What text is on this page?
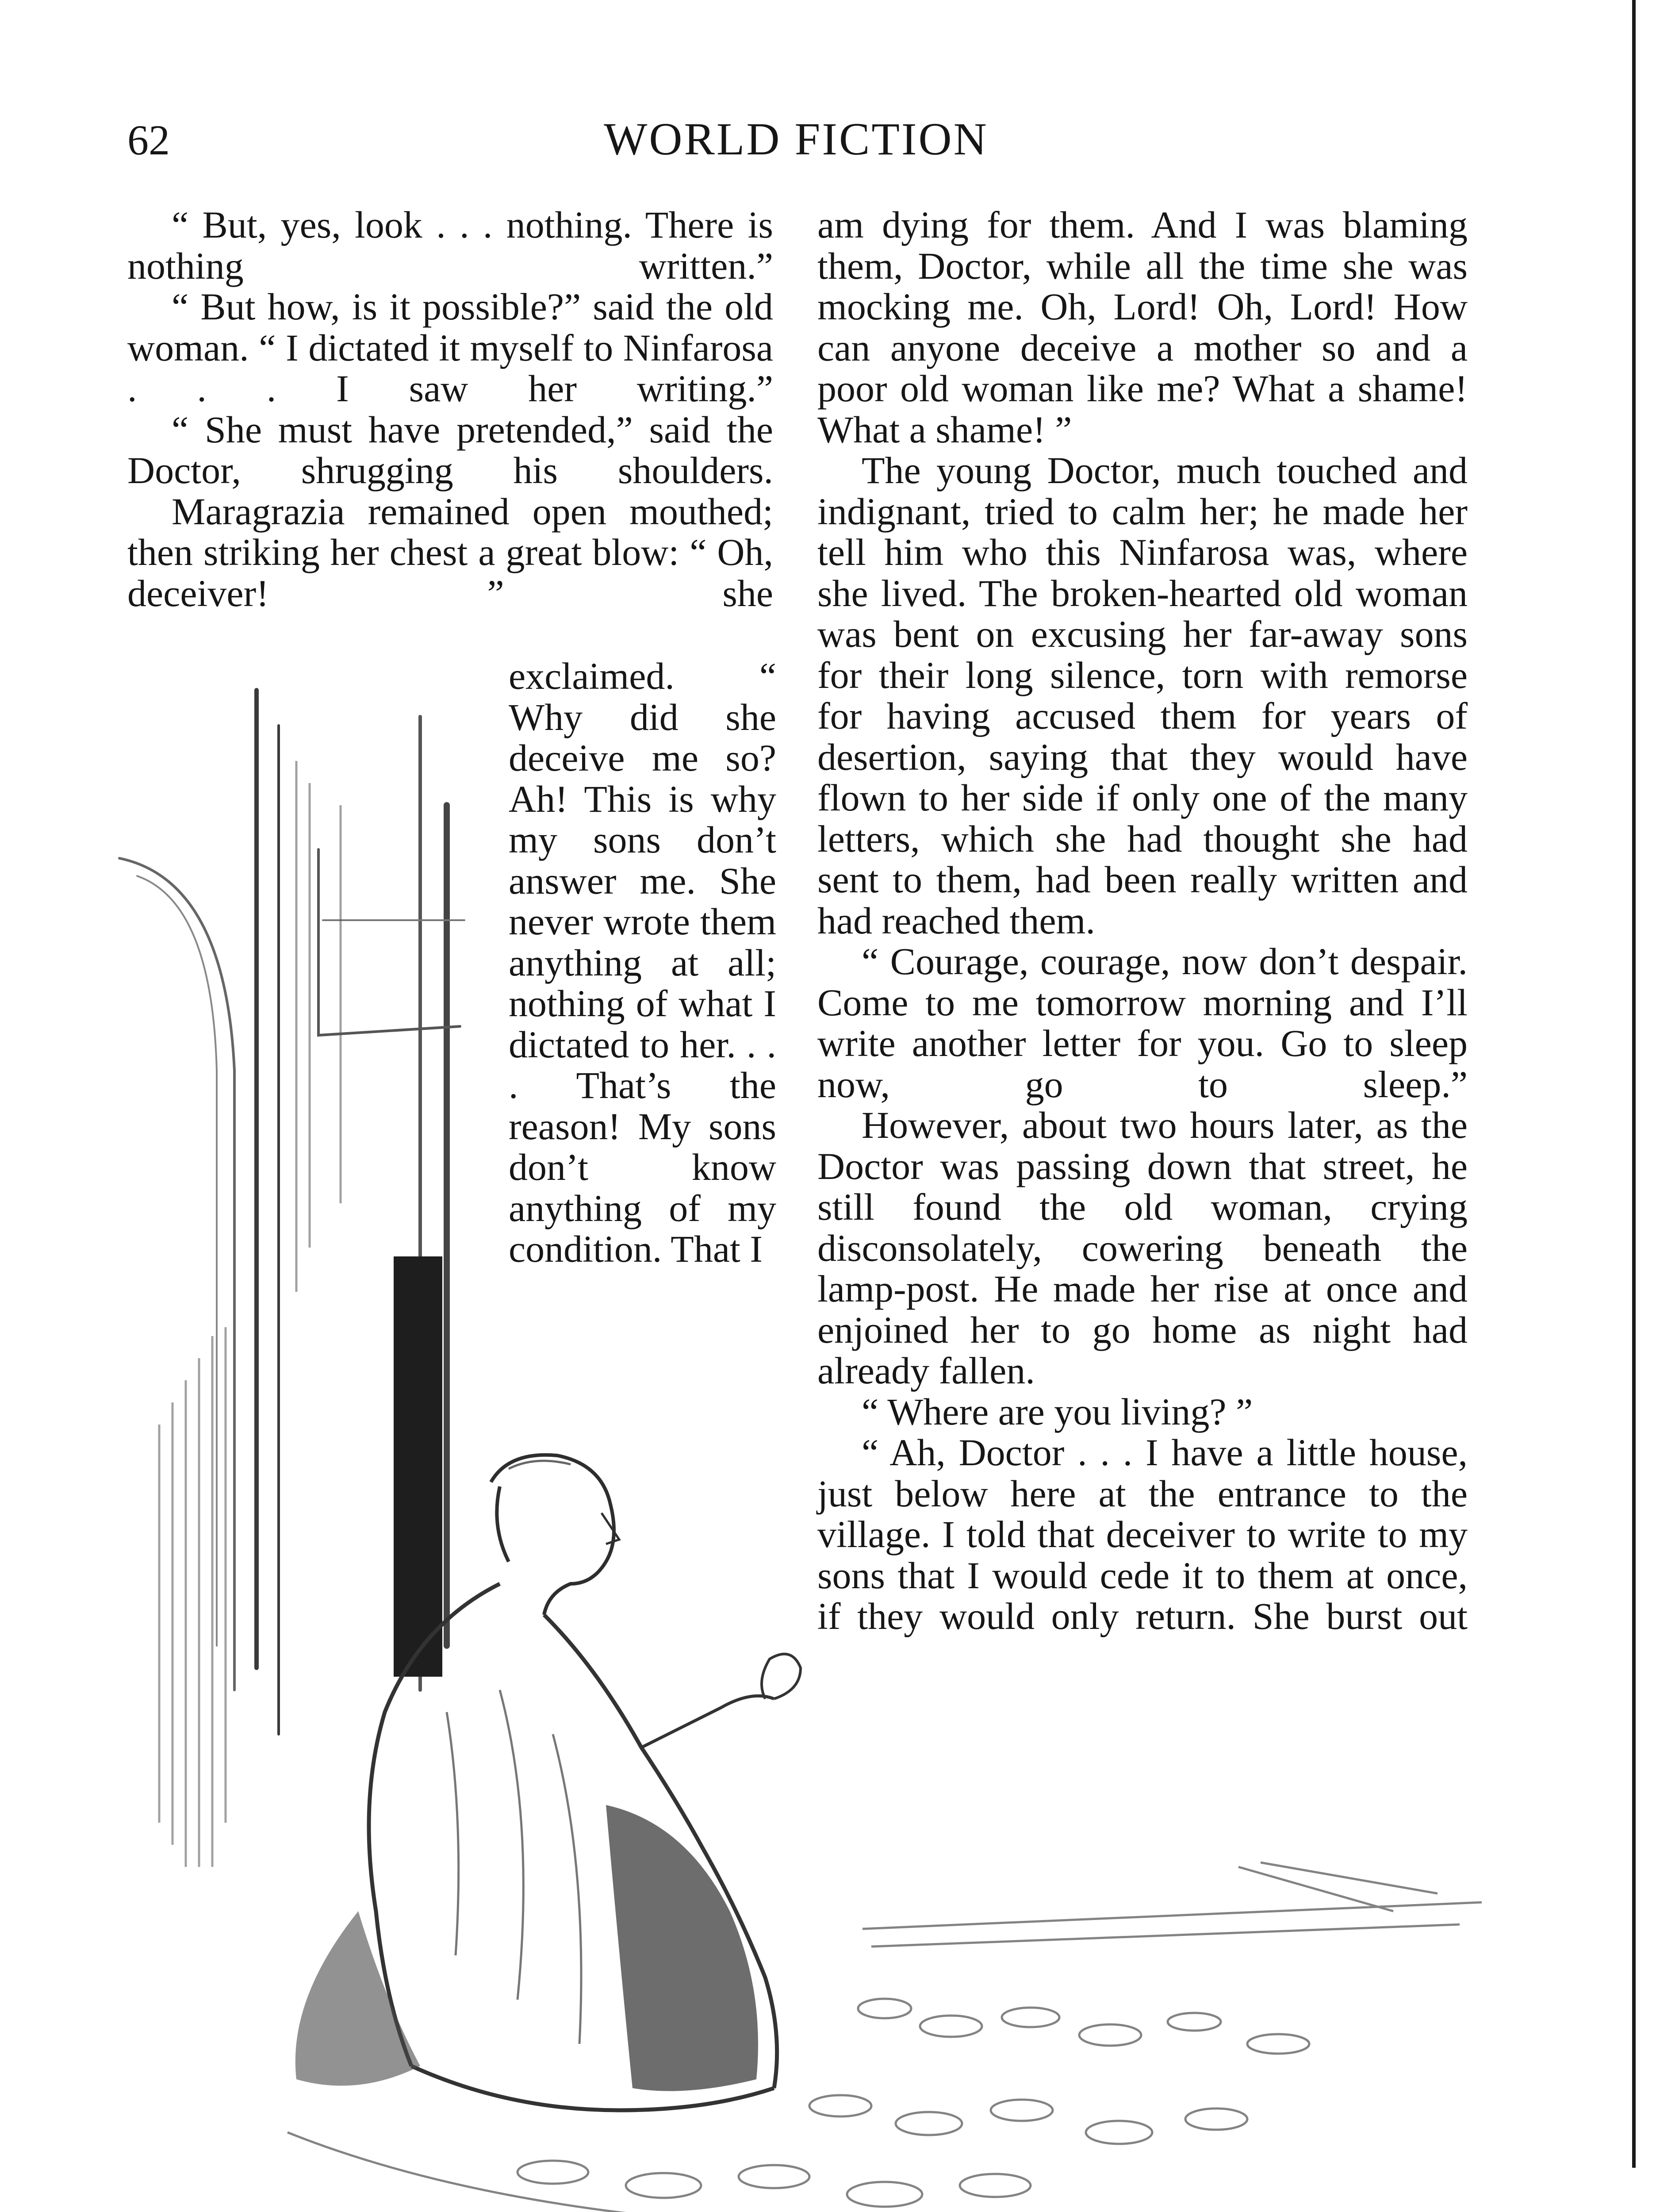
62	WORLD FICTION

“ But, yes, look . . . nothing. There is nothing written.”

“ But how, is it possible?” said the old woman. “ I dictated it myself to Ninfarosa . . . I saw her writing.”

“ She must have pretended,” said the Doctor, shrugging his shoulders.

Maragrazia remained open mouthed; then striking her chest a great blow: “ Oh, deceiver! ” she

exclaimed. “ Why did she deceive me so? Ah! This is why my sons don’t answer me. She never wrote them anything at all; nothing of what I dictated to her. . . . That’s the reason! My sons don’t know anything of my condition. That I

am dying for them. And I was blaming them, Doctor, while all the time she was mocking me. Oh, Lord! Oh, Lord! How can anyone deceive a mother so and a poor old woman like me? What a shame! What a shame! ”

The young Doctor, much touched and indignant, tried to calm her; he made her tell him who this Ninfarosa was, where she lived. The broken-hearted old woman was bent on excusing her far-away sons for their long silence, torn with remorse for having accused them for years of desertion, saying that they would have flown to her side if only one of the many letters, which she had thought she had sent to them, had been really written and had reached them.

“ Courage, courage, now don’t despair. Come to me tomorrow morning and I’ll write another letter for you. Go to sleep now, go to sleep.”

However, about two hours later, as the Doctor was passing down that street, he still found the old woman, crying disconsolately, cowering beneath the lamp-post. He made her rise at once and enjoined her to go home as night had already fallen.

“ Where are you living? ”

“ Ah, Doctor . . . I have a little house, just below here at the entrance to the village. I told that deceiver to write to my sons that I would cede it to them at once, if they would only return. She burst out
